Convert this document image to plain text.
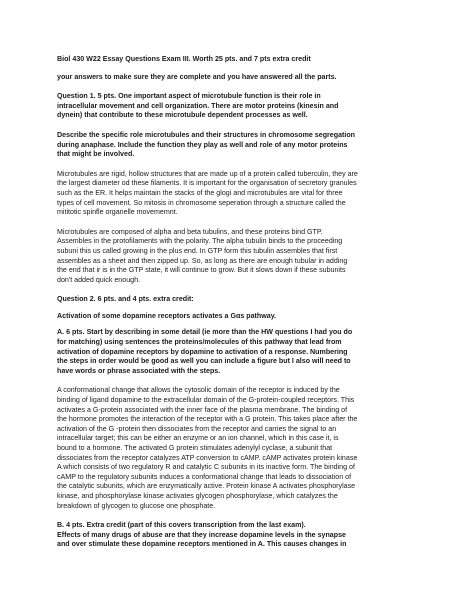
Biol 430 W22 Essay Questions Exam III. Worth 25 pts. and 7 pts extra credit
your answers to make sure they are complete and you have answered all the parts.
Question 1. 5 pts. One important aspect of microtubule function is their role in
intracellular movement and cell organization. There are motor proteins (kinesin and
dynein) that contribute to these microtubule dependent processes as well.
Describe the specific role microtubules and their structures in chromosome segregation
during anaphase. Include the function they play as well and role of any motor proteins
that might be involved.
Microtubules are rigid, hollow structures that are made up of a protein called tuberculin, they are
the largest diameter od these filaments. It is important for the organisation of secretory granules
such as the ER. It helps maintain the stacks of the glogi and microtubules are vital for three
types of cell movement. So mitosis in chromosome seperation through a structure called the
mititotic spinfle organelle movememnt.
Microtubules are composed of alpha and beta tubulins, and these proteins bind GTP.
Assembles in the protofilaments with the polarity. The alpha tubulin binds to the proceeding
subuni this us called growing in the plus end. In GTP form this tubulin assembles that first
assembles as a sheet and then zipped up. So, as long as there are enough tubular in adding
the end that ir is in the GTP state, it will continue to grow. But it slows down if these subunits
don't added quick enough.
Question 2. 6 pts. and 4 pts. extra credit:
Activation of some dopamine receptors activates a Gαs pathway.
A. 6 pts. Start by describing in some detail (ie more than the HW questions I had you do
for matching) using sentences the proteins/molecules of this pathway that lead from
activation of dopamine receptors by dopamine to activation of a response. Numbering
the steps in order would be good as well you can include a figure but I also will need to
have words or phrase associated with the steps.
A conformational change that allows the cytosolic domain of the receptor is induced by the
binding of ligand dopamine to the extracellular domain of the G-protein-coupled receptors. This
activates a G-protein associated with the inner face of the plasma membrane. The binding of
the hormone promotes the interaction of the receptor with a G protein. This takes place after the
activation of the G -protein then dissociates from the receptor and carries the signal to an
intracellular target; this can be either an enzyme or an ion channel, which in this case it, is
bound to a hormone. The activated G protein stimulates adenylyl cyclase, a subunit that
dissociates from the receptor catalyzes ATP conversion to cAMP. cAMP activates protein kinase
A which consists of two regulatory R and catalytic C subunits in its inactive form. The binding of
cAMP to the regulatory subunits induces a conformational change that leads to dissociation of
the catalytic subunits, which are enzymatically active. Protein kinase A activates phosphorylase
kinase, and phosphorylase kinase activates glycogen phosphorylase, which catalyzes the
breakdown of glycogen to glucose one phosphate.
B. 4 pts. Extra credit (part of this covers transcription from the last exam).
Effects of many drugs of abuse are that they increase dopamine levels in the synapse
and over stimulate these dopamine receptors mentioned in A. This causes changes in
